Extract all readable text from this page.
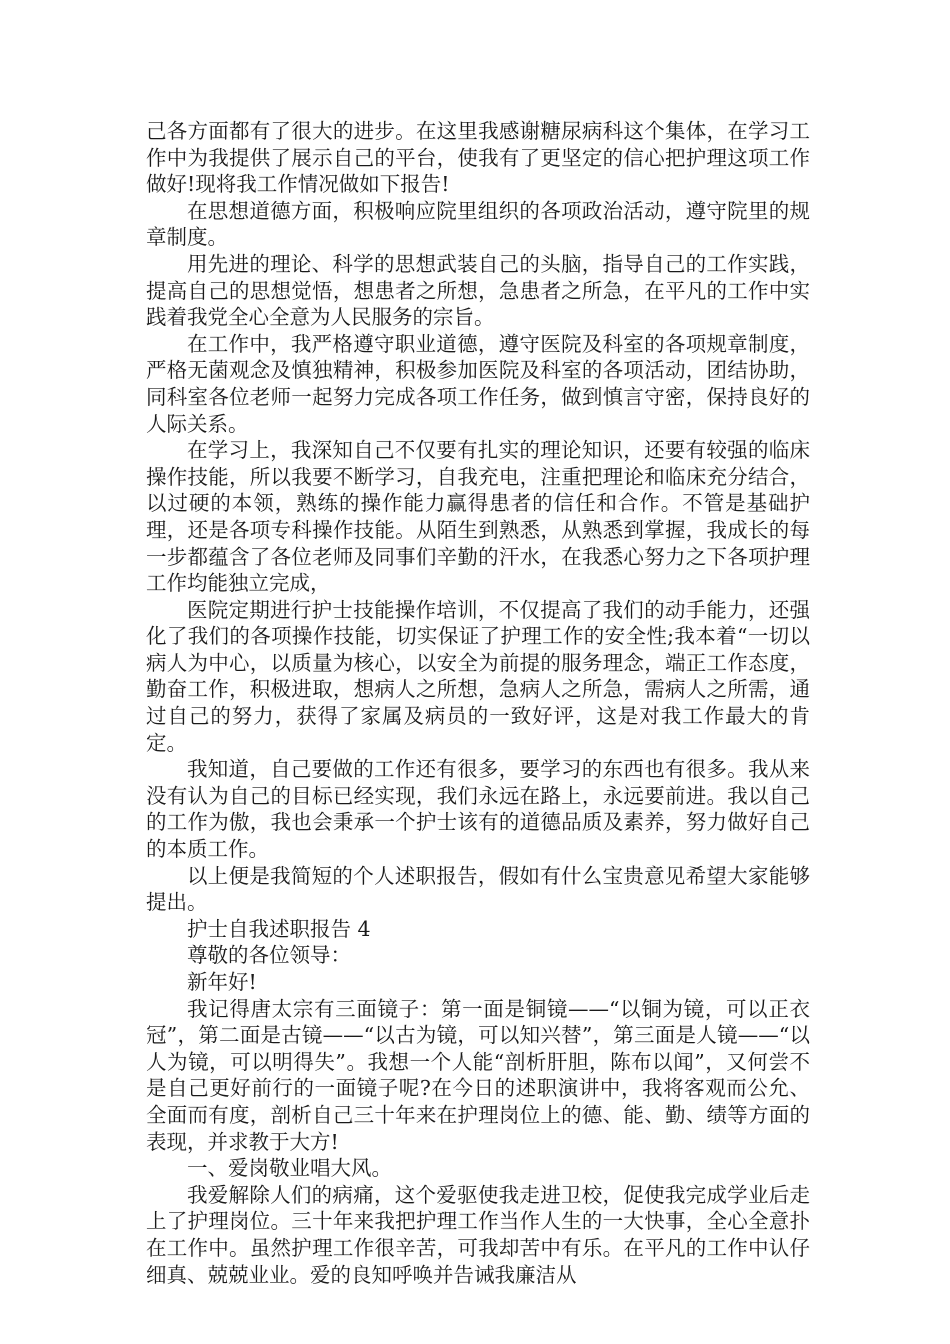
己各方面都有了很大的进步。在这里我感谢糖尿病科这个集体，在学习工作中为我提供了展示自己的平台，使我有了更坚定的信心把护理这项工作做好!现将我工作情况做如下报告!

在思想道德方面，积极响应院里组织的各项政治活动，遵守院里的规章制度。

用先进的理论、科学的思想武装自己的头脑，指导自己的工作实践，提高自己的思想觉悟，想患者之所想，急患者之所急，在平凡的工作中实践着我党全心全意为人民服务的宗旨。

在工作中，我严格遵守职业道德，遵守医院及科室的各项规章制度，严格无菌观念及慎独精神，积极参加医院及科室的各项活动，团结协助，同科室各位老师一起努力完成各项工作任务，做到慎言守密，保持良好的人际关系。

在学习上，我深知自己不仅要有扎实的理论知识，还要有较强的临床操作技能，所以我要不断学习，自我充电，注重把理论和临床充分结合，以过硬的本领，熟练的操作能力赢得患者的信任和合作。不管是基础护理，还是各项专科操作技能。从陌生到熟悉，从熟悉到掌握，我成长的每一步都蕴含了各位老师及同事们辛勤的汗水，在我悉心努力之下各项护理工作均能独立完成，

医院定期进行护士技能操作培训，不仅提高了我们的动手能力，还强化了我们的各项操作技能，切实保证了护理工作的安全性;我本着“一切以病人为中心，以质量为核心，以安全为前提的服务理念，端正工作态度，勤奋工作，积极进取，想病人之所想，急病人之所急，需病人之所需，通过自己的努力，获得了家属及病员的一致好评，这是对我工作最大的肯定。

我知道，自己要做的工作还有很多，要学习的东西也有很多。我从来没有认为自己的目标已经实现，我们永远在路上，永远要前进。我以自己的工作为傲，我也会秉承一个护士该有的道德品质及素养，努力做好自己的本质工作。

以上便是我简短的个人述职报告，假如有什么宝贵意见希望大家能够提出。

护士自我述职报告 4

尊敬的各位领导：

新年好!

我记得唐太宗有三面镜子：第一面是铜镜——“以铜为镜，可以正衣冠”，第二面是古镜——“以古为镜，可以知兴替”，第三面是人镜——“以人为镜，可以明得失”。我想一个人能“剖析肝胆，陈布以闻”，又何尝不是自己更好前行的一面镜子呢?在今日的述职演讲中，我将客观而公允、全面而有度，剖析自己三十年来在护理岗位上的德、能、勤、绩等方面的表现，并求教于大方!

一、爱岗敬业唱大风。

我爱解除人们的病痛，这个爱驱使我走进卫校，促使我完成学业后走上了护理岗位。三十年来我把护理工作当作人生的一大快事，全心全意扑在工作中。虽然护理工作很辛苦，可我却苦中有乐。在平凡的工作中认仔细真、兢兢业业。爱的良知呼唤并告诫我廉洁从
